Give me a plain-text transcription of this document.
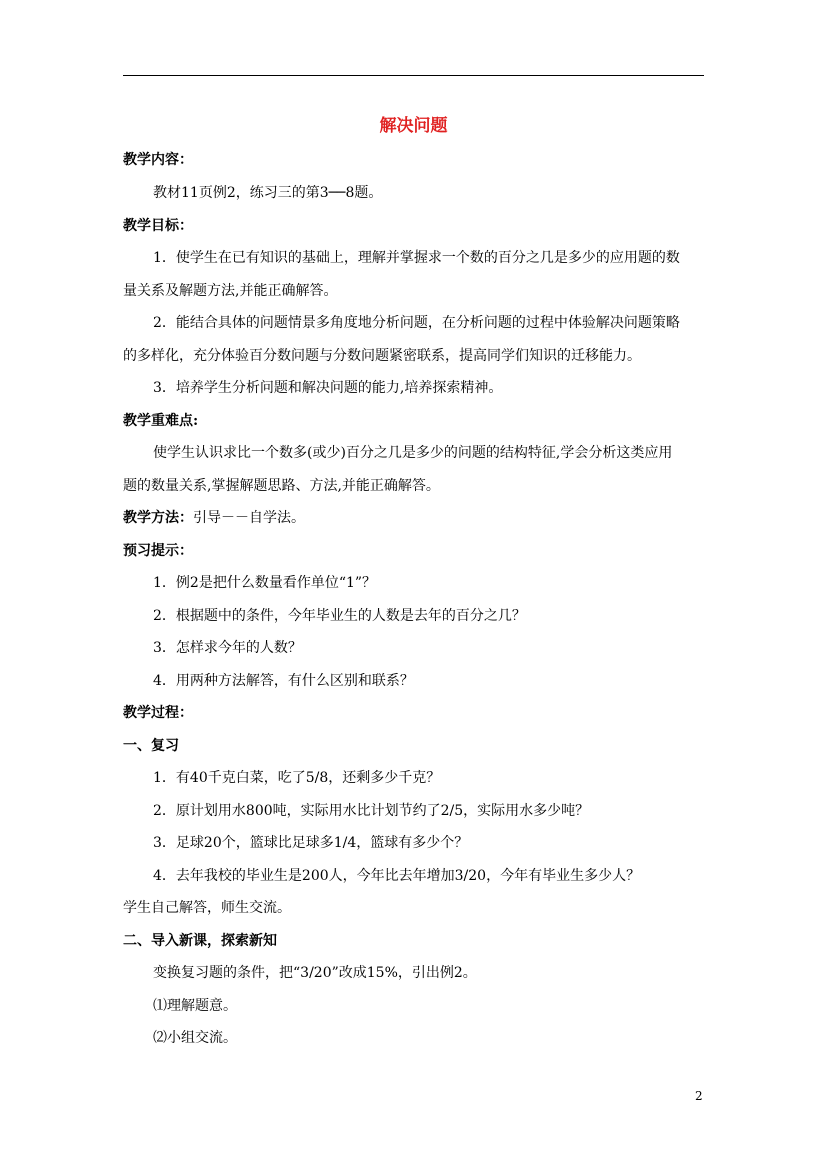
解决问题
教学内容：
教材11页例2，练习三的第3──8题。
教学目标：
1．使学生在已有知识的基础上，理解并掌握求一个数的百分之几是多少的应用题的数
量关系及解题方法,并能正确解答。
2．能结合具体的问题情景多角度地分析问题，在分析问题的过程中体验解决问题策略
的多样化，充分体验百分数问题与分数问题紧密联系，提高同学们知识的迁移能力。
3．培养学生分析问题和解决问题的能力,培养探索精神。
教学重难点:
使学生认识求比一个数多(或少)百分之几是多少的问题的结构特征,学会分析这类应用
题的数量关系,掌握解题思路、方法,并能正确解答。
教学方法：引导－－自学法。
预习提示：
1．例2是把什么数量看作单位“1”？
2．根据题中的条件，今年毕业生的人数是去年的百分之几？
3．怎样求今年的人数？
4．用两种方法解答，有什么区别和联系？
教学过程：
一、复习
1．有40千克白菜，吃了5/8，还剩多少千克？
2．原计划用水800吨，实际用水比计划节约了2/5，实际用水多少吨？
3．足球20个，篮球比足球多1/4，篮球有多少个？
4．去年我校的毕业生是200人，今年比去年增加3/20，今年有毕业生多少人？
学生自己解答，师生交流。
二、导入新课，探索新知
变换复习题的条件，把“3/20”改成15%，引出例2。
⑴理解题意。
⑵小组交流。
2
